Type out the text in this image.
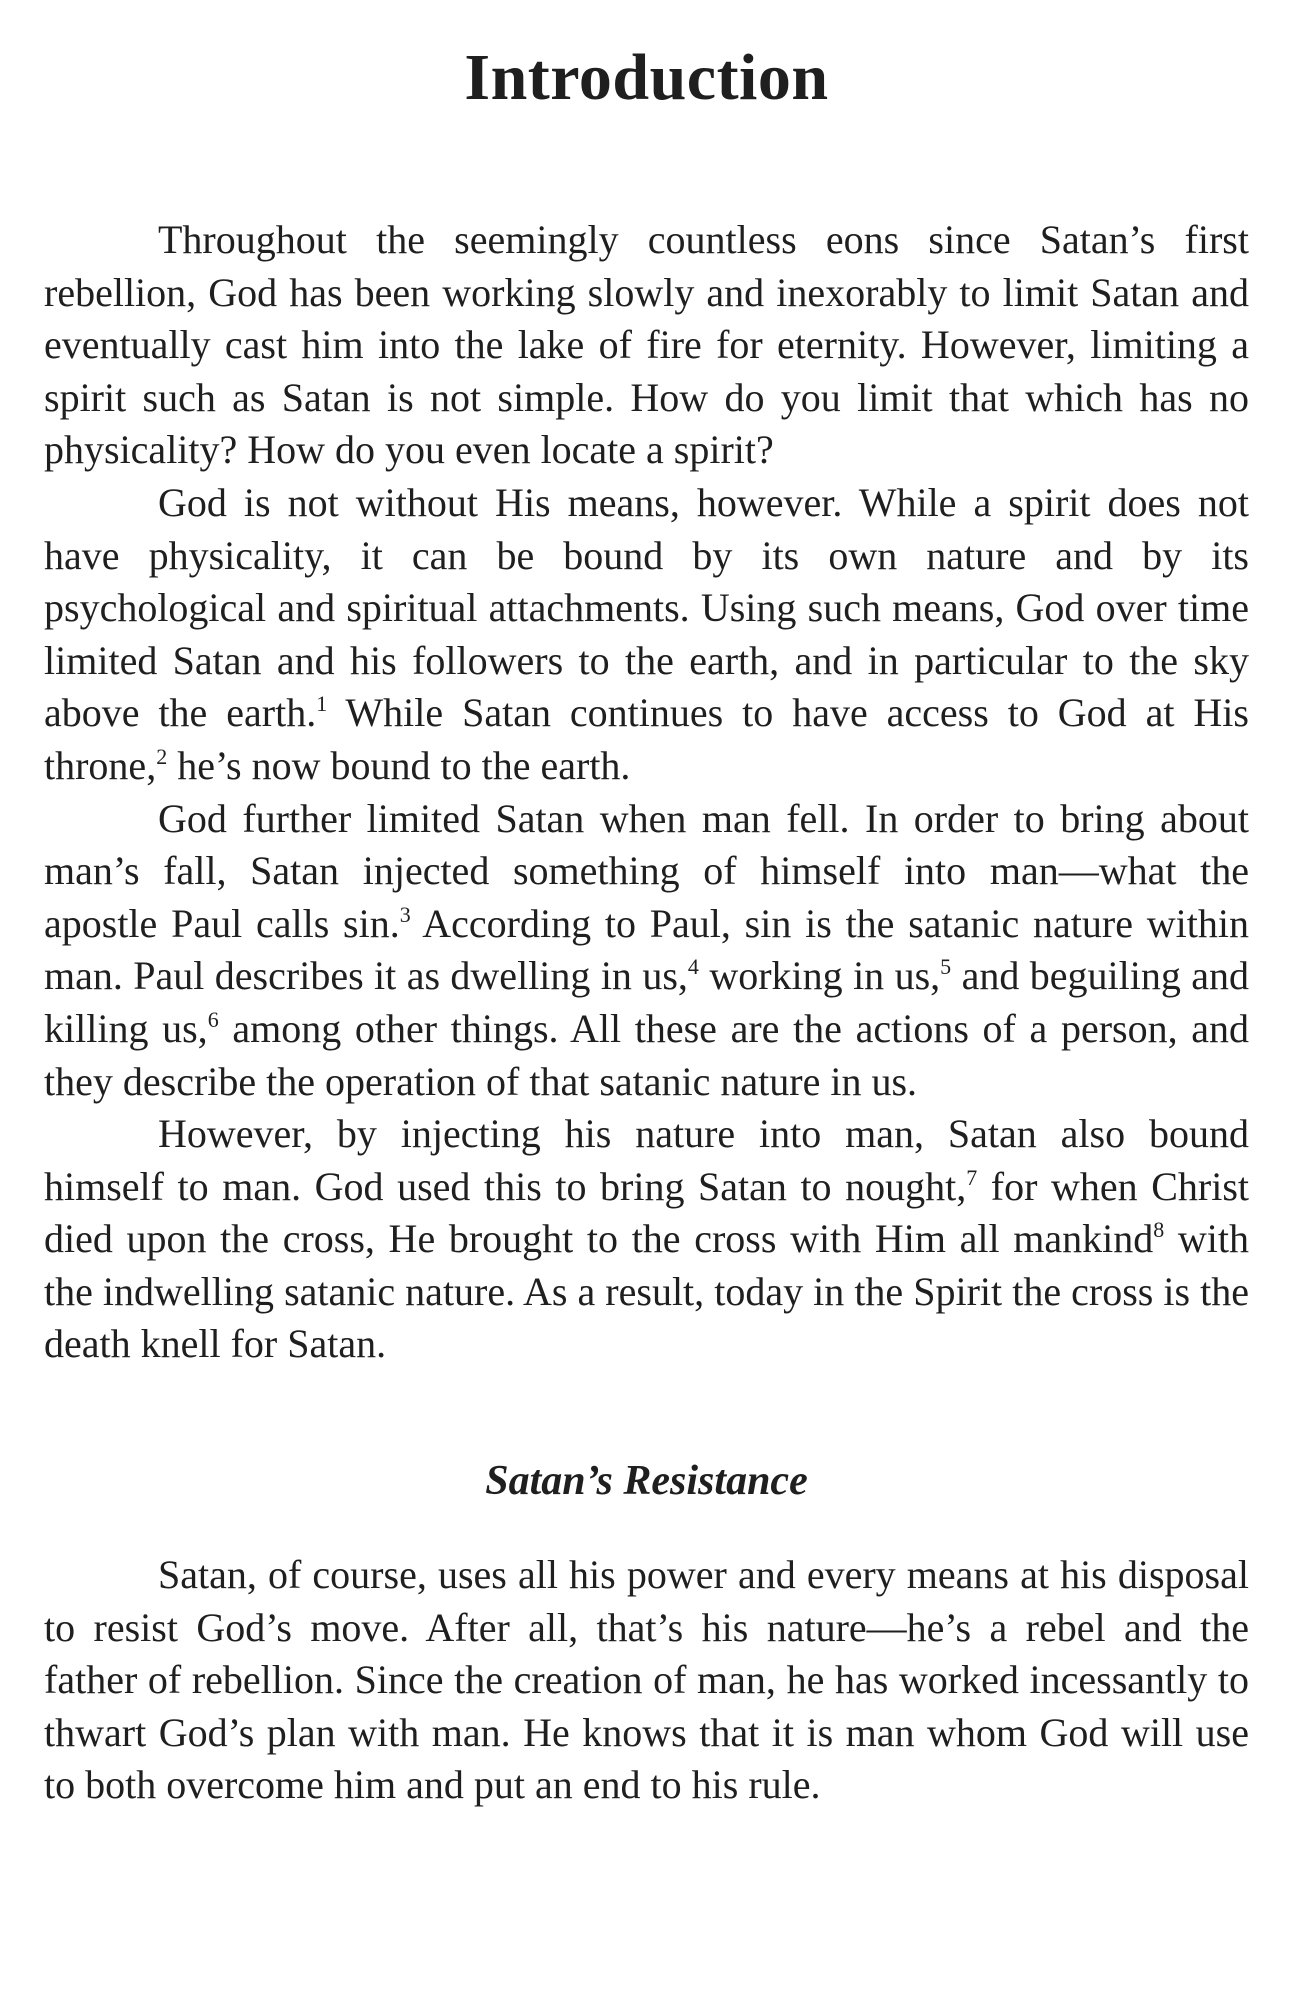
Introduction

Throughout the seemingly countless eons since Satan’s first rebellion, God has been working slowly and inexorably to limit Satan and eventually cast him into the lake of fire for eternity. However, limiting a spirit such as Satan is not simple. How do you limit that which has no physicality? How do you even locate a spirit?

God is not without His means, however. While a spirit does not have physicality, it can be bound by its own nature and by its psychological and spiritual attachments. Using such means, God over time limited Satan and his followers to the earth, and in particular to the sky above the earth.$^1$ While Satan continues to have access to God at His throne,$^2$ he’s now bound to the earth.

God further limited Satan when man fell. In order to bring about man’s fall, Satan injected something of himself into man—what the apostle Paul calls sin.$^3$ According to Paul, sin is the satanic nature within man. Paul describes it as dwelling in us,$^4$ working in us,$^5$ and beguiling and killing us,$^6$ among other things. All these are the actions of a person, and they describe the operation of that satanic nature in us.

However, by injecting his nature into man, Satan also bound himself to man. God used this to bring Satan to nought,$^7$ for when Christ died upon the cross, He brought to the cross with Him all mankind$^8$ with the indwelling satanic nature. As a result, today in the Spirit the cross is the death knell for Satan.

Satan’s Resistance

Satan, of course, uses all his power and every means at his disposal to resist God’s move. After all, that’s his nature—he’s a rebel and the father of rebellion. Since the creation of man, he has worked incessantly to thwart God’s plan with man. He knows that it is man whom God will use to both overcome him and put an end to his rule.
